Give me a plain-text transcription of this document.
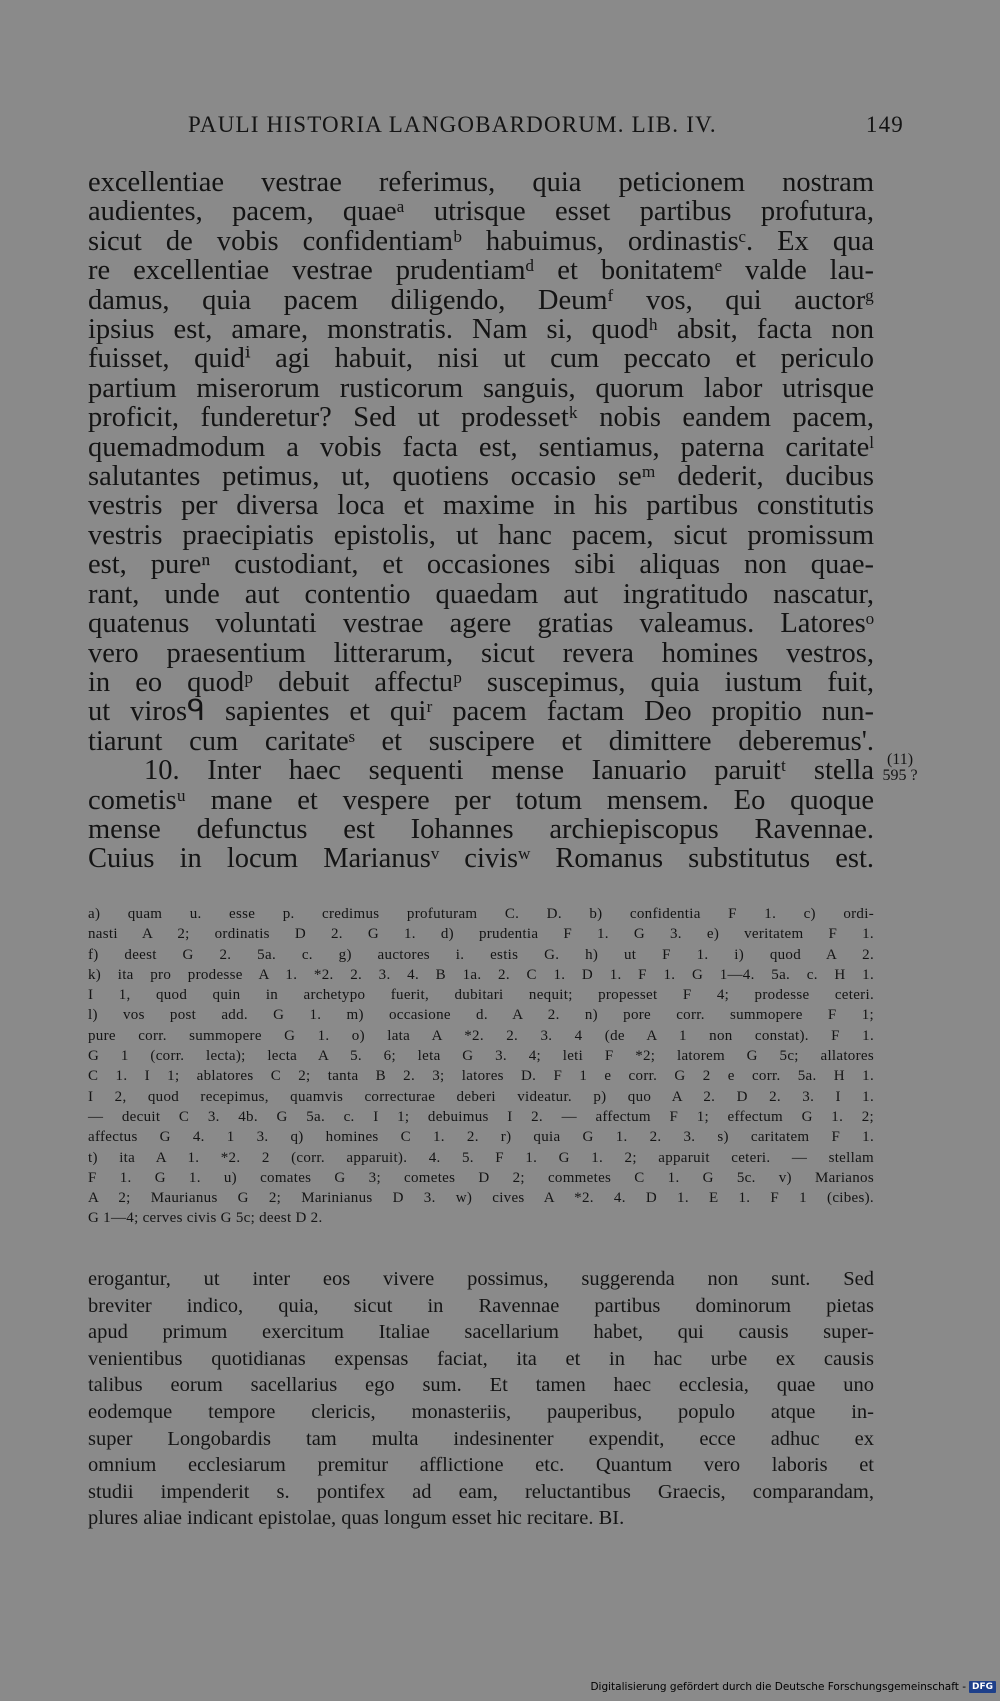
PAULI HISTORIA LANGOBARDORUM. LIB. IV.	149
excellentiae vestrae referimus, quia peticionem nostram
audientes, pacem, quaeᵃ utrisque esset partibus profutura,
sicut de vobis confidentiamᵇ habuimus, ordinastisᶜ. Ex qua
re excellentiae vestrae prudentiamᵈ et bonitatemᵉ valde lau-
damus, quia pacem diligendo, Deumᶠ vos, qui auctorᵍ
ipsius est, amare, monstratis. Nam si, quodʰ absit, facta non
fuisset, quidⁱ agi habuit, nisi ut cum peccato et periculo
partium miserorum rusticorum sanguis, quorum labor utrisque
proficit, funderetur? Sed ut prodessetᵏ nobis eandem pacem,
quemadmodum a vobis facta est, sentiamus, paterna caritateˡ
salutantes petimus, ut, quotiens occasio seᵐ dederit, ducibus
vestris per diversa loca et maxime in his partibus constitutis
vestris praecipiatis epistolis, ut hanc pacem, sicut promissum
est, pureⁿ custodiant, et occasiones sibi aliquas non quae-
rant, unde aut contentio quaedam aut ingratitudo nascatur,
quatenus voluntati vestrae agere gratias valeamus. Latoresᵒ
vero praesentium litterarum, sicut revera homines vestros,
in eo quodᵖ debuit affectuᵖ suscepimus, quia iustum fuit,
ut virosᑫ sapientes et quiʳ pacem factam Deo propitio nun-
tiarunt cum caritateˢ et suscipere et dimittere deberemus'.
10. Inter haec sequenti mense Ianuario paruitᵗ stella
cometisᵘ mane et vespere per totum mensem. Eo quoque
mense defunctus est Iohannes archiepiscopus Ravennae.
Cuius in locum Marianusᵛ civisʷ Romanus substitutus est.
(11)
595 ?
a) quam u. esse p. credimus profuturam C. D. b) confidentia F 1. c) ordi-
nasti A 2; ordinatis D 2. G 1. d) prudentia F 1. G 3. e) veritatem F 1.
f) deest G 2. 5a. c. g) auctores i. estis G. h) ut F 1. i) quod A 2.
k) ita pro prodesse A 1. *2. 2. 3. 4. B 1a. 2. C 1. D 1. F 1. G 1—4. 5a. c. H 1.
I 1, quod quin in archetypo fuerit, dubitari nequit; propesset F 4; prodesse ceteri.
l) vos post add. G 1. m) occasione d. A 2. n) pore corr. summopere F 1;
pure corr. summopere G 1. o) lata A *2. 2. 3. 4 (de A 1 non constat). F 1.
G 1 (corr. lecta); lecta A 5. 6; leta G 3. 4; leti F *2; latorem G 5c; allatores
C 1. I 1; ablatores C 2; tanta B 2. 3; latores D. F 1 e corr. G 2 e corr. 5a. H 1.
I 2, quod recepimus, quamvis correcturae deberi videatur. p) quo A 2. D 2. 3. I 1.
— decuit C 3. 4b. G 5a. c. I 1; debuimus I 2. — affectum F 1; effectum G 1. 2;
affectus G 4. 1 3. q) homines C 1. 2. r) quia G 1. 2. 3. s) caritatem F 1.
t) ita A 1. *2. 2 (corr. apparuit). 4. 5. F 1. G 1. 2; apparuit ceteri. — stellam
F 1. G 1. u) comates G 3; cometes D 2; commetes C 1. G 5c. v) Marianos
A 2; Maurianus G 2; Marinianus D 3. w) cives A *2. 4. D 1. E 1. F 1 (cibes).
G 1—4; cerves civis G 5c; deest D 2.
erogantur, ut inter eos vivere possimus, suggerenda non sunt. Sed
breviter indico, quia, sicut in Ravennae partibus dominorum pietas
apud primum exercitum Italiae sacellarium habet, qui causis super-
venientibus quotidianas expensas faciat, ita et in hac urbe ex causis
talibus eorum sacellarius ego sum. Et tamen haec ecclesia, quae uno
eodemque tempore clericis, monasteriis, pauperibus, populo atque in-
super Longobardis tam multa indesinenter expendit, ecce adhuc ex
omnium ecclesiarum premitur afflictione etc. Quantum vero laboris et
studii impenderit s. pontifex ad eam, reluctantibus Graecis, comparandam,
plures aliae indicant epistolae, quas longum esset hic recitare. BI.
Digitalisierung gefördert durch die Deutsche Forschungsgemeinschaft - DFG
